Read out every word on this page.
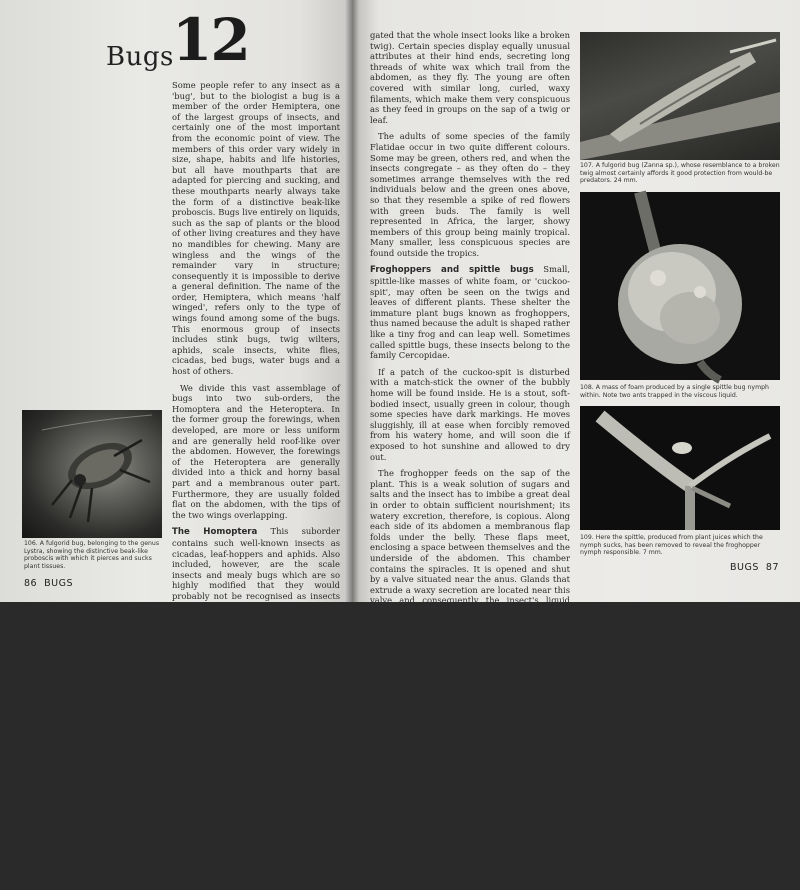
Bugs
12

Some people refer to any insect as a 'bug', but to the biologist a bug is a member of the order Hemiptera, one of the largest groups of insects, and certainly one of the most important from the economic point of view. The members of this order vary widely in size, shape, habits and life histories, but all have mouthparts that are adapted for piercing and sucking, and these mouthparts nearly always take the form of a distinctive beak-like proboscis. Bugs live entirely on liquids, such as the sap of plants or the blood of other living creatures and they have no mandibles for chewing. Many are wingless and the wings of the remainder vary in structure; consequently it is impossible to derive a general definition. The name of the order, Hemiptera, which means 'half winged', refers only to the type of wings found among some of the bugs. This enormous group of insects includes stink bugs, twig wilters, aphids, scale insects, white flies, cicadas, bed bugs, water bugs and a host of others.

We divide this vast assemblage of bugs into two sub-orders, the Homoptera and the Heteroptera. In the former group the forewings, when developed, are more or less uniform and are generally held roof-like over the abdomen. However, the forewings of the Heteroptera are generally divided into a thick and horny basal part and a membranous outer part. Furthermore, they are usually folded flat on the abdomen, with the tips of the two wings overlapping.

The Homoptera This suborder contains such well-known insects as cicadas, leaf-hoppers and aphids. Also included, however, are the scale insects and mealy bugs which are so highly modified that they would probably not be recognised as insects by the uninitiated. The Homoptera are traditionally divided into two series, the Auchenorrhyncha, with three-segmented tarsi and short, bristle-like antennae; and the Sternorrhyncha, that have one- or two-segmented tarsi and long, thread-like antennae, unless legs or antennae or both are lacking. Further details of the classification of the group may be found at the end of the chapter.

Lanternflies Some of the larger members of the family Fulgoridae are handsome insects with brightly coloured wings and they may easily be mistaken for butterflies or moths. However, closer examination of the antennae and the jointed beak beneath the head will reveal their true character as plant bugs. In many lanternflies the front of the head is elongated to form a hollow, horn-like projection and it was once believed that this part of the body was luminous – hence the name of lanternflies (in the genus Zanna the head is so elon-

106. A fulgorid bug, belonging to the genus Lystra, showing the distinctive beak-like proboscis with which it pierces and sucks plant tissues.
86 BUGS

gated that the whole insect looks like a broken twig). Certain species display equally unusual attributes at their hind ends, secreting long threads of white wax which trail from the abdomen, as they fly. The young are often covered with similar long, curled, waxy filaments, which make them very conspicuous as they feed in groups on the sap of a twig or leaf.

The adults of some species of the family Flatidae occur in two quite different colours. Some may be green, others red, and when the insects congregate – as they often do – they sometimes arrange themselves with the red individuals below and the green ones above, so that they resemble a spike of red flowers with green buds. The family is well represented in Africa, the larger, showy members of this group being mainly tropical. Many smaller, less conspicuous species are found outside the tropics.

Froghoppers and spittle bugs Small, spittle-like masses of white foam, or 'cuckoo-spit', may often be seen on the twigs and leaves of different plants. These shelter the immature plant bugs known as froghoppers, thus named because the adult is shaped rather like a tiny frog and can leap well. Sometimes called spittle bugs, these insects belong to the family Cercopidae.

If a patch of the cuckoo-spit is disturbed with a match-stick the owner of the bubbly home will be found inside. He is a stout, soft-bodied insect, usually green in colour, though some species have dark markings. He moves sluggishly, ill at ease when forcibly removed from his watery home, and will soon die if exposed to hot sunshine and allowed to dry out.

The froghopper feeds on the sap of the plant. This is a weak solution of sugars and salts and the insect has to imbibe a great deal in order to obtain sufficient nourishment; its watery excretion, therefore, is copious. Along each side of its abdomen a membranous flap folds under the belly. These flaps meet, enclosing a space between themselves and the underside of the abdomen. This chamber contains the spiracles. It is opened and shut by a valve situated near the anus. Glands that extrude a waxy secretion are located near this valve and consequently the insect's liquid excrement is mixed with this secretion. By flexing its tail in and out, the froghopper forces both air and liquid through the valve, thus producing the innumerable small bubbles that form its foamy home. These spread round and over the insect and serve to protect the insect from the hot rays of the sun and conceal it from its enemies. The bubbles do not burst for some time because they are strengthened by the waxy secretion, and, as they are being constantly renewed by the froghopper, the foam provides a cool shelter for the insect as long as it is feeding.

Eventually, when it is fully grown, the froghopper leaves the foam and casts its skin for the last time. The wing-buds on its back expand into a pair of stiff wings which it holds roofwise, over its back. These have a pair of delicate, membranous wings folded beneath them. Most froghoppers are small – only about 6-8 mm in

107. A fulgorid bug (Zanna sp.), whose resemblance to a broken twig almost certainly affords it good protection from would-be predators. 24 mm.
108. A mass of foam produced by a single spittle bug nymph within. Note two ants trapped in the viscous liquid.
109. Here the spittle, produced from plant juices which the nymph sucks, has been removed to reveal the froghopper nymph responsible. 7 mm.
BUGS 87
